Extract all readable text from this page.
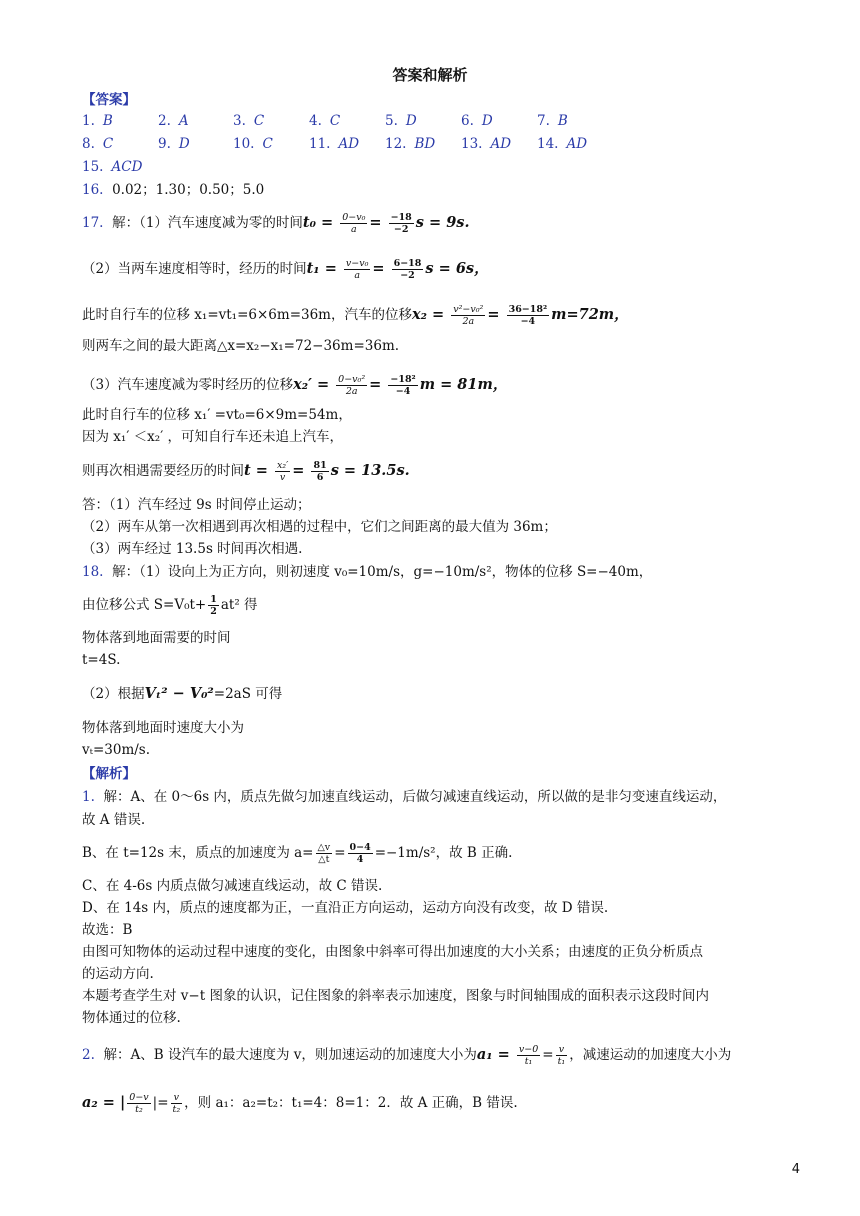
答案和解析
【答案】
1. B	2. A	3. C	4. C	5. D	6. D	7. B
8. C	9. D	10. C	11. AD 12. BD 13. AD 14. AD
15. ACD
16. 0.02；1.30；0.50；5.0
17. 解：（1）汽车速度减为零的时间$t_0 = \frac{\text{0−v₀}}{a} = \frac{-18}{-2}$ s = 9s.
（2）当两车速度相等时，经历的时间$t_1 = \frac{\text{v−v₀}}{a} = \frac{6-18}{-2}$ s = 6s，
此时自行车的位移 x₁=vt₁=6×6m=36m，汽车的位移$x_2 = \frac{\text{v²−v₀²}}{2a} = \frac{\text{36−18²}}{-4} m=72m$，
则两车之间的最大距离△x=x₂−x₁=72−36m=36m.
（3）汽车速度减为零时经历的位移$x_2' = \frac{\text{0−v₀²}}{2a} = \frac{\text{−18²}}{-4}$ m = 81m，
此时自行车的位移 x₁′ =vt₀=6×9m=54m，
因为 x₁′ ＜x₂′ ，可知自行车还未追上汽车，
则再次相遇需要经历的时间$t = \frac{\text{x₂′}}{v} = \frac{81}{6}$ s = 13.5s.
答：（1）汽车经过 9s 时间停止运动；
（2）两车从第一次相遇到再次相遇的过程中，它们之间距离的最大值为 36m；
（3）两车经过 13.5s 时间再次相遇.
18. 解：（1）设向上为正方向，则初速度 v₀=10m/s，g=−10m/s²，物体的位移 S=−40m，
由位移公式 $S=V_0t+ \frac{1}{2} at^2$ 得
物体落到地面需要的时间
t=4S.
（2）根据Vₜ² − V₀²=2aS 可得
物体落到地面时速度大小为
vₜ=30m/s.
【解析】
1. 解：A、在 0～6s 内，质点先做匀加速直线运动，后做匀减速直线运动，所以做的是非匀变速直线运动，
故 A 错误.
B、在 t=12s 末，质点的加速度为 $a= \frac{\triangle v}{\triangle t} = \frac{0-4}{4} =-1m/s^2$，故 B 正确.
C、在 4-6s 内质点做匀减速直线运动，故 C 错误.
D、在 14s 内，质点的速度都为正，一直沿正方向运动，运动方向没有改变，故 D 错误.
故选：B
由图可知物体的运动过程中速度的变化，由图象中斜率可得出加速度的大小关系；由速度的正负分析质点
的运动方向.
本题考查学生对 v−t 图象的认识，记住图象的斜率表示加速度，图象与时间轴围成的面积表示这段时间内
物体通过的位移.
2. 解：A、B 设汽车的最大速度为 v，则加速运动的加速度大小为$a_1 = \frac{v-0}{\text{t₁}} = \frac{v}{\text{t₁}}$ ，减速运动的加速度大小为
a₂ = | $\frac{0-v}{\text{t₂}}$ |= $\frac{v}{\text{t₂}}$ ，则 a₁：a₂=t₂：t₁=4：8=1：2．故 A 正确，B 错误.
4
